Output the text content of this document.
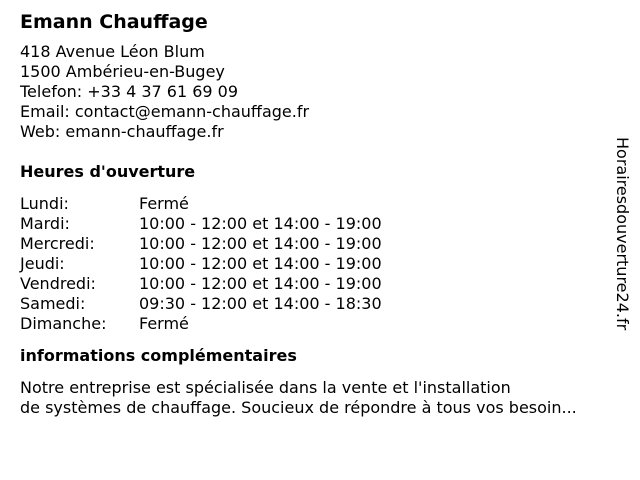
Emann Chauffage
418 Avenue Léon Blum
1500 Ambérieu-en-Bugey
Telefon: +33 4 37 61 69 09
Email: contact@emann-chauffage.fr
Web: emann-chauffage.fr
Heures d'ouverture
Lundi:	Fermé
Mardi:	10:00 - 12:00 et 14:00 - 19:00
Mercredi:	10:00 - 12:00 et 14:00 - 19:00
Jeudi:	10:00 - 12:00 et 14:00 - 19:00
Vendredi:	10:00 - 12:00 et 14:00 - 19:00
Samedi:	09:30 - 12:00 et 14:00 - 18:30
Dimanche: Fermé
informations complémentaires
Notre entreprise est spécialisée dans la vente et l'installation
de systèmes de chauffage. Soucieux de répondre à tous vos besoin...
Horairesdouverture24.fr
